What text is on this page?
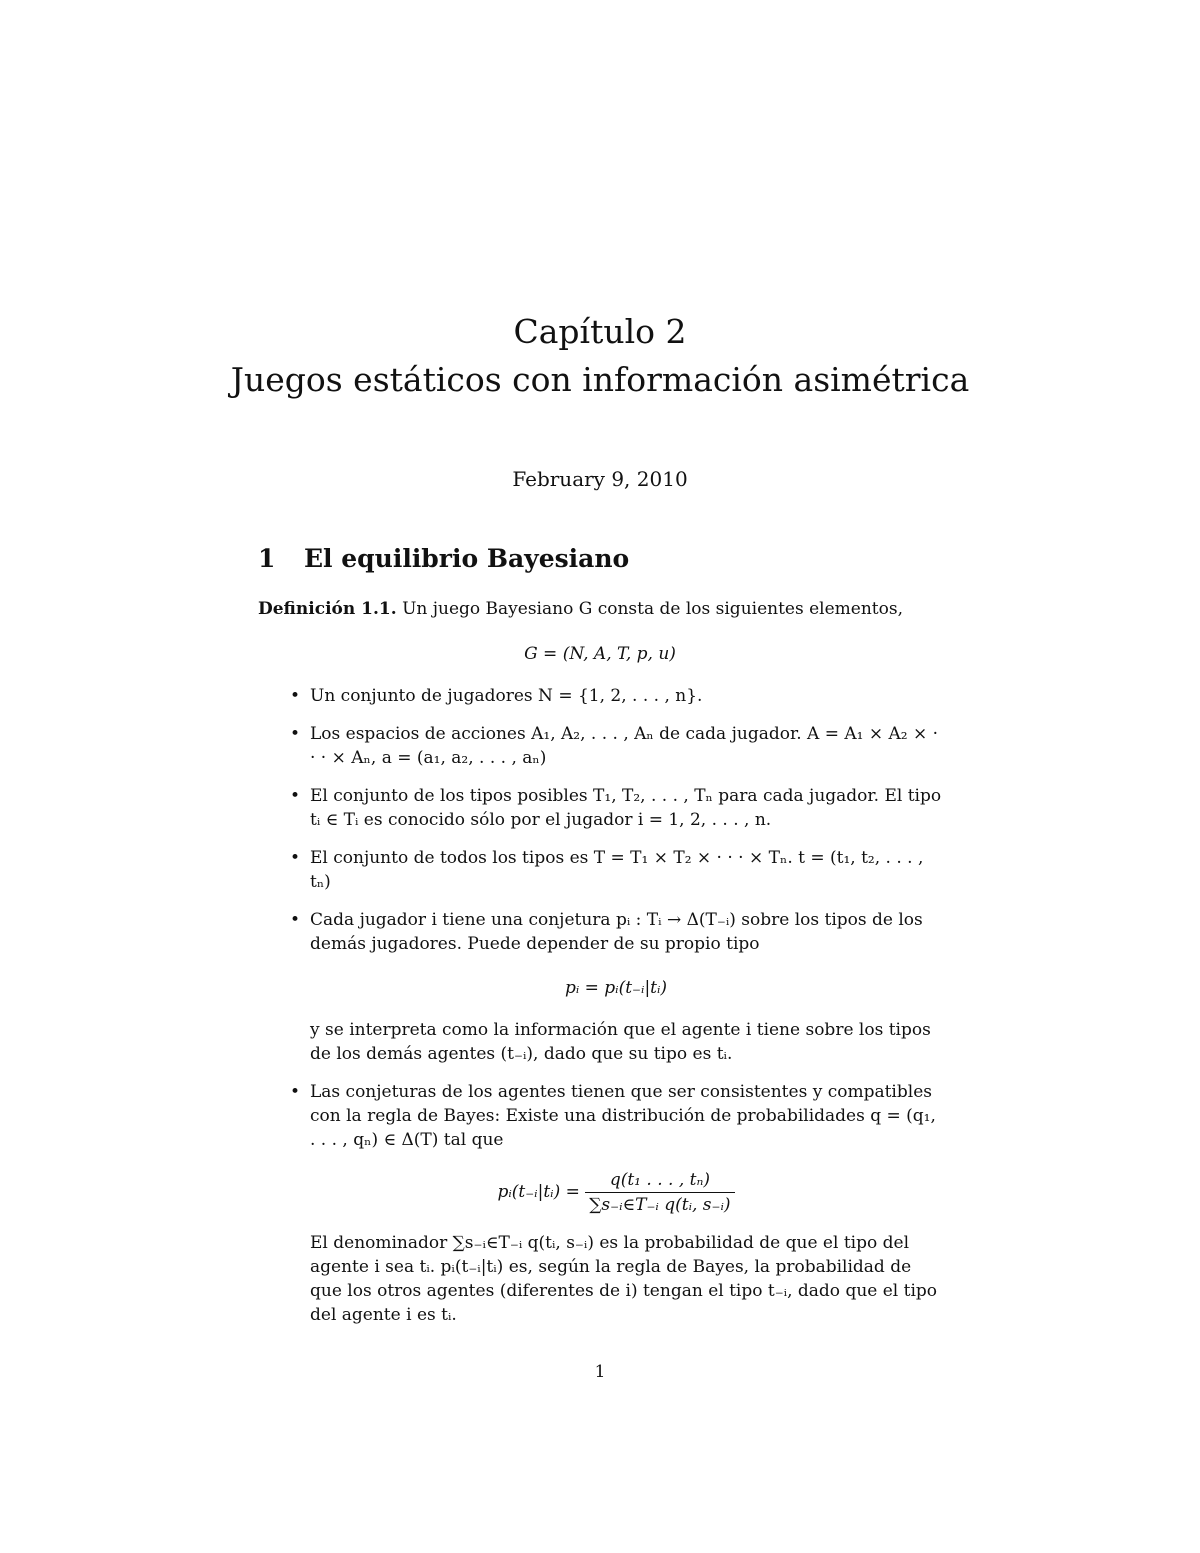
Capítulo 2
Juegos estáticos con información asimétrica
February 9, 2010
1 El equilibrio Bayesiano
Definición 1.1. Un juego Bayesiano G consta de los siguientes elementos,
G = (N, A, T, p, u)
• Un conjunto de jugadores N = {1, 2, . . . , n}.
• Los espacios de acciones A₁, A₂, . . . , Aₙ de cada jugador. A = A₁ × A₂ × · · · × Aₙ, a = (a₁, a₂, . . . , aₙ)
• El conjunto de los tipos posibles T₁, T₂, . . . , Tₙ para cada jugador. El tipo tᵢ ∈ Tᵢ es conocido sólo por el jugador i = 1, 2, . . . , n.
• El conjunto de todos los tipos es T = T₁ × T₂ × · · · × Tₙ. t = (t₁, t₂, . . . , tₙ)
• Cada jugador i tiene una conjetura pᵢ : Tᵢ → Δ(T₋ᵢ) sobre los tipos de los demás jugadores. Puede depender de su propio tipo
pᵢ = pᵢ(t₋ᵢ|tᵢ)
y se interpreta como la información que el agente i tiene sobre los tipos de los demás agentes (t₋ᵢ), dado que su tipo es tᵢ.
• Las conjeturas de los agentes tienen que ser consistentes y compatibles con la regla de Bayes: Existe una distribución de probabilidades q = (q₁, . . . , qₙ) ∈ Δ(T) tal que
pᵢ(t₋ᵢ|tᵢ) = $\frac{\text{q(t₁ . . . , tₙ)}}{\text{∑s₋ᵢ∈T₋ᵢ q(tᵢ, s₋ᵢ)}}$
El denominador ∑s₋ᵢ∈T₋ᵢ q(tᵢ, s₋ᵢ) es la probabilidad de que el tipo del agente i sea tᵢ. pᵢ(t₋ᵢ|tᵢ) es, según la regla de Bayes, la probabilidad de que los otros agentes (diferentes de i) tengan el tipo t₋ᵢ, dado que el tipo del agente i es tᵢ.
1
